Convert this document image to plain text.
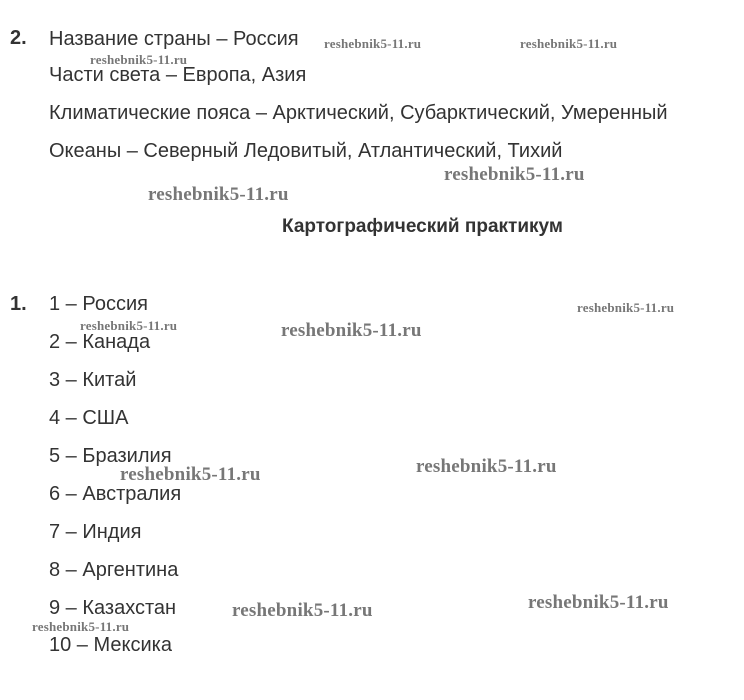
2. Название страны – Россия
Части света – Европа, Азия
Климатические пояса – Арктический, Субарктический, Умеренный
Океаны – Северный Ледовитый, Атлантический, Тихий
Картографический практикум
1. 1 – Россия
2 – Канада
3 – Китай
4 – США
5 – Бразилия
6 – Австралия
7 – Индия
8 – Аргентина
9 – Казахстан
10 – Мексика
reshebnik5-11.ru	reshebnik5-11.ru
reshebnik5-11.ru
reshebnik5-11.ru
reshebnik5-11.ru
reshebnik5-11.ru
reshebnik5-11.ru	reshebnik5-11.ru
reshebnik5-11.ru
reshebnik5-11.ru
reshebnik5-11.ru
reshebnik5-11.ru
reshebnik5-11.ru
